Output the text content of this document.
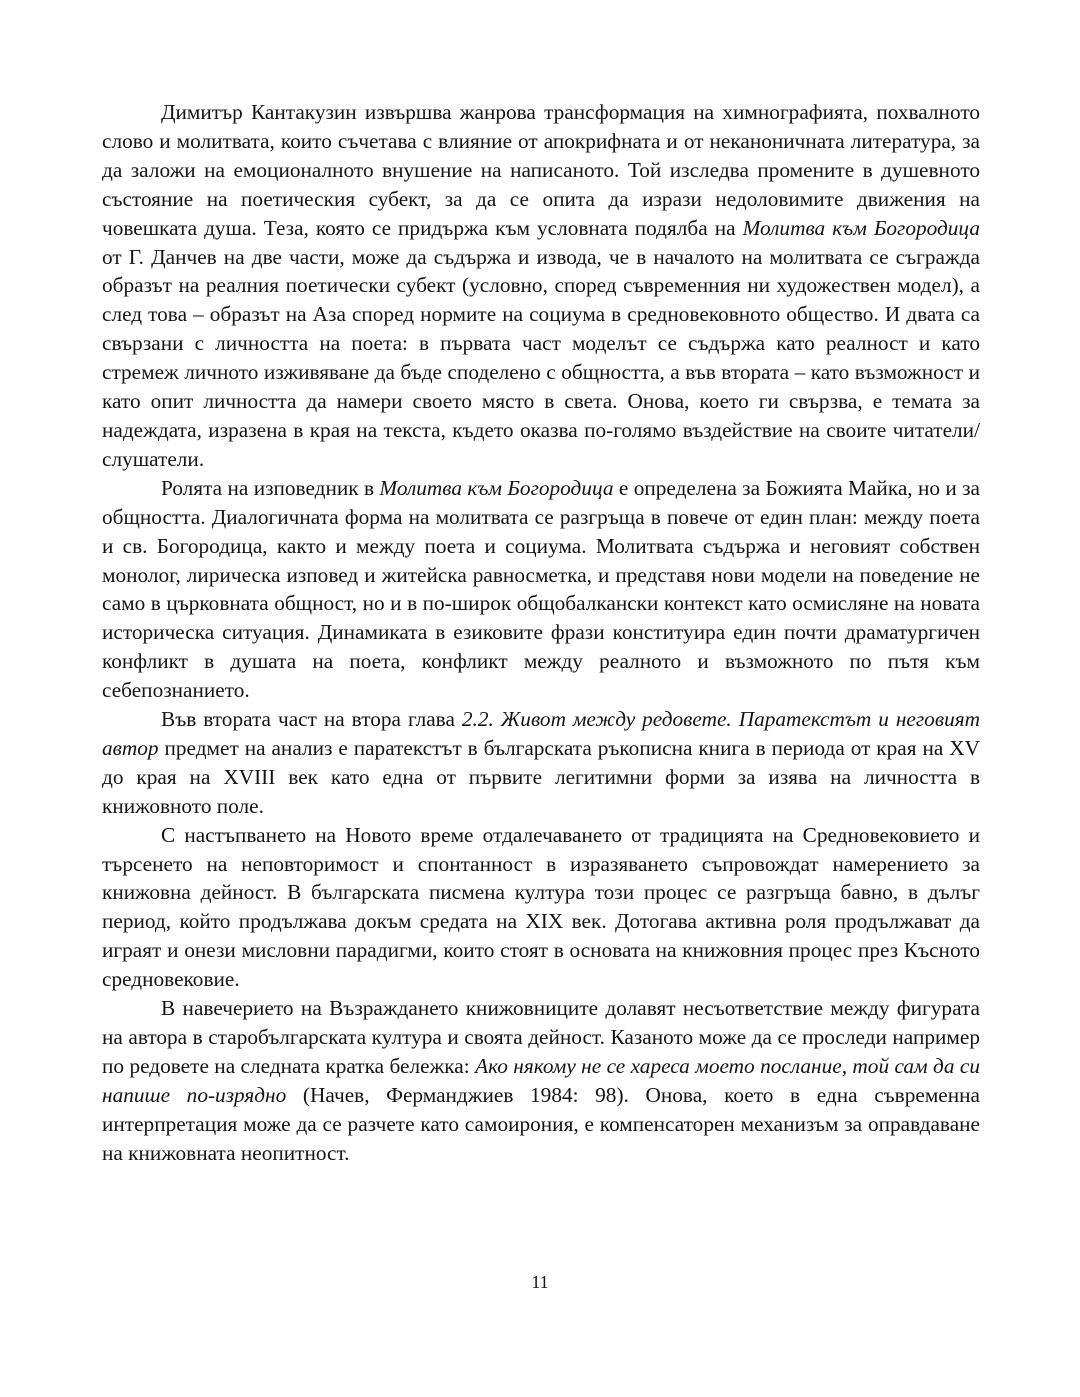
Димитър Кантакузин извършва жанрова трансформация на химнографията, похвалното слово и молитвата, които съчетава с влияние от апокрифната и от неканоничната литература, за да заложи на емоционалното внушение на написаното. Той изследва промените в душевното състояние на поетическия субект, за да се опита да изрази недоловимите движения на човешката душа. Теза, която се придържа към условната подялба на Молитва към Богородица от Г. Данчев на две части, може да съдържа и извода, че в началото на молитвата се съгражда образът на реалния поетически субект (условно, според съвременния ни художествен модел), а след това – образът на Аза според нормите на социума в средновековното общество. И двата са свързани с личността на поета: в първата част моделът се съдържа като реалност и като стремеж личното изживяване да бъде споделено с общността, а във втората – като възможност и като опит личността да намери своето място в света. Онова, което ги свързва, е темата за надеждата, изразена в края на текста, където оказва по-голямо въздействие на своите читатели/слушатели.

Ролята на изповедник в Молитва към Богородица е определена за Божията Майка, но и за общността. Диалогичната форма на молитвата се разгръща в повече от един план: между поета и св. Богородица, както и между поета и социума. Молитвата съдържа и неговият собствен монолог, лирическа изповед и житейска равносметка, и представя нови модели на поведение не само в църковната общност, но и в по-широк общобалкански контекст като осмисляне на новата историческа ситуация. Динамиката в езиковите фрази конституира един почти драматургичен конфликт в душата на поета, конфликт между реалното и възможното по пътя към себепознанието.

Във втората част на втора глава 2.2. Живот между редовете. Паратекстът и неговият автор предмет на анализ е паратекстът в българската ръкописна книга в периода от края на XV до края на XVIII век като една от първите легитимни форми за изява на личността в книжовното поле.

С настъпването на Новото време отдалечаването от традицията на Средновековието и търсенето на неповторимост и спонтанност в изразяването съпровождат намерението за книжовна дейност. В българската писмена култура този процес се разгръща бавно, в дълъг период, който продължава докъм средата на XIX век. Дотогава активна роля продължават да играят и онези мисловни парадигми, които стоят в основата на книжовния процес през Късното средновековие.

В навечерието на Възраждането книжовниците долавят несъответствие между фигурата на автора в старобългарската култура и своята дейност. Казаното може да се проследи например по редовете на следната кратка бележка: Ако някому не се хареса моето послание, той сам да си напише по-изрядно (Начев, Ферманджиев 1984: 98). Онова, което в една съвременна интерпретация може да се разчете като самоирония, е компенсаторен механизъм за оправдаване на книжовната неопитност.

11
